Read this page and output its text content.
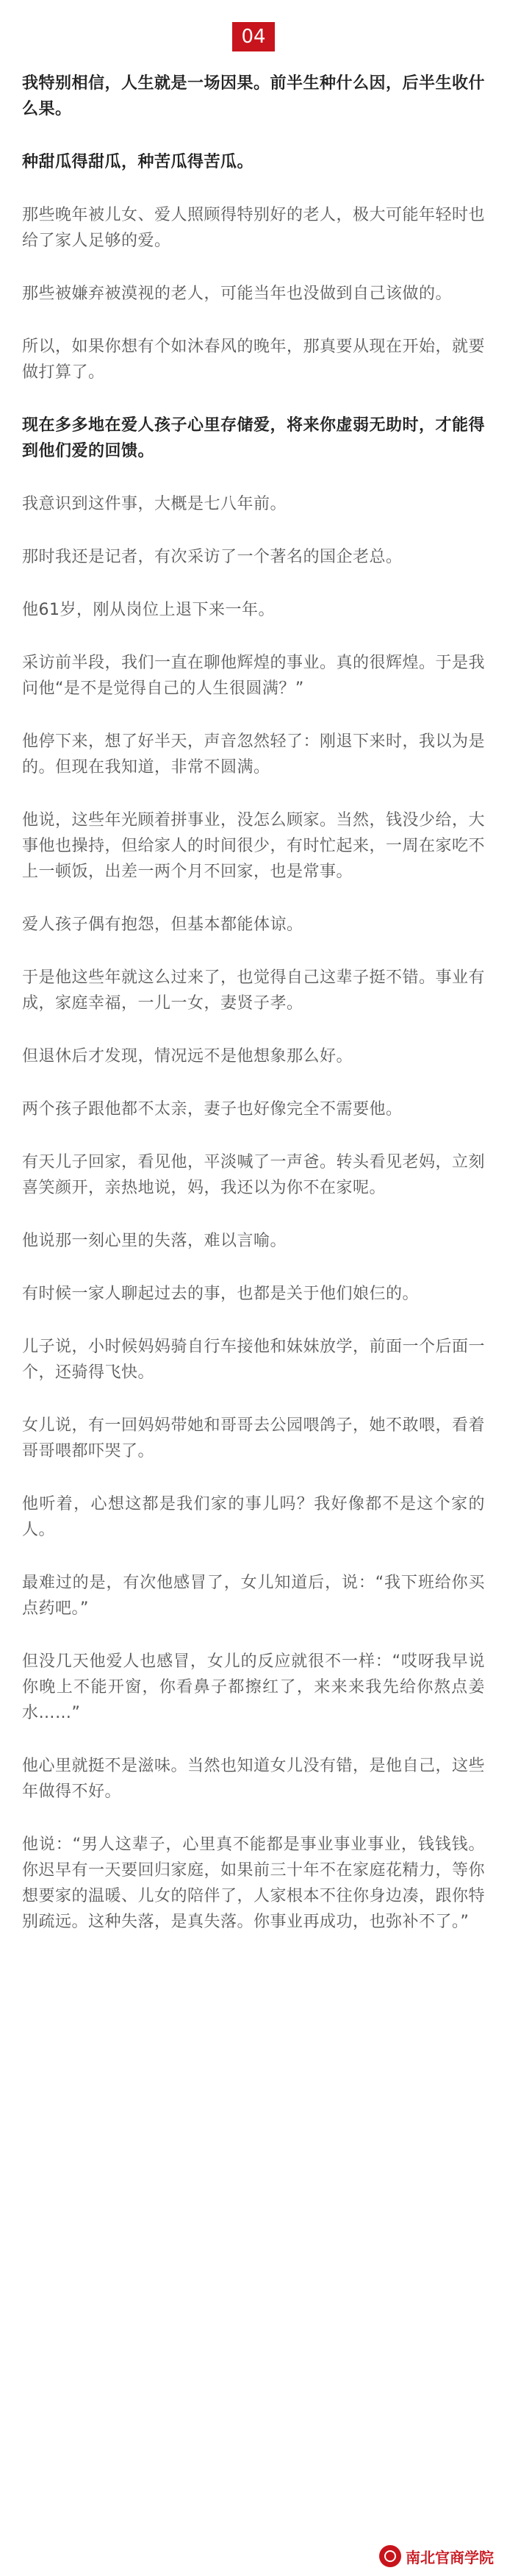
04

我特别相信，人生就是一场因果。前半生种什么因，后半生收什么果。

种甜瓜得甜瓜，种苦瓜得苦瓜。

那些晚年被儿女、爱人照顾得特别好的老人，极大可能年轻时也给了家人足够的爱。

那些被嫌弃被漠视的老人，可能当年也没做到自己该做的。

所以，如果你想有个如沐春风的晚年，那真要从现在开始，就要做打算了。

现在多多地在爱人孩子心里存储爱，将来你虚弱无助时，才能得到他们爱的回馈。

我意识到这件事，大概是七八年前。

那时我还是记者，有次采访了一个著名的国企老总。

他61岁，刚从岗位上退下来一年。

采访前半段，我们一直在聊他辉煌的事业。真的很辉煌。于是我问他“是不是觉得自己的人生很圆满？”

他停下来，想了好半天，声音忽然轻了：刚退下来时，我以为是的。但现在我知道，非常不圆满。

他说，这些年光顾着拼事业，没怎么顾家。当然，钱没少给，大事他也操持，但给家人的时间很少，有时忙起来，一周在家吃不上一顿饭，出差一两个月不回家，也是常事。

爱人孩子偶有抱怨，但基本都能体谅。

于是他这些年就这么过来了，也觉得自己这辈子挺不错。事业有成，家庭幸福，一儿一女，妻贤子孝。

但退休后才发现，情况远不是他想象那么好。

两个孩子跟他都不太亲，妻子也好像完全不需要他。

有天儿子回家，看见他，平淡喊了一声爸。转头看见老妈，立刻喜笑颜开，亲热地说，妈，我还以为你不在家呢。

他说那一刻心里的失落，难以言喻。

有时候一家人聊起过去的事，也都是关于他们娘仨的。

儿子说，小时候妈妈骑自行车接他和妹妹放学，前面一个后面一个，还骑得飞快。

女儿说，有一回妈妈带她和哥哥去公园喂鸽子，她不敢喂，看着哥哥喂都吓哭了。

他听着，心想这都是我们家的事儿吗？我好像都不是这个家的人。

最难过的是，有次他感冒了，女儿知道后，说：“我下班给你买点药吧。”

但没几天他爱人也感冒，女儿的反应就很不一样：“哎呀我早说你晚上不能开窗，你看鼻子都擦红了，来来来我先给你熬点姜水……”

他心里就挺不是滋味。当然也知道女儿没有错，是他自己，这些年做得不好。

他说：“男人这辈子，心里真不能都是事业事业事业，钱钱钱。你迟早有一天要回归家庭，如果前三十年不在家庭花精力，等你想要家的温暖、儿女的陪伴了，人家根本不往你身边凑，跟你特别疏远。这种失落，是真失落。你事业再成功，也弥补不了。”

南北官商学院
